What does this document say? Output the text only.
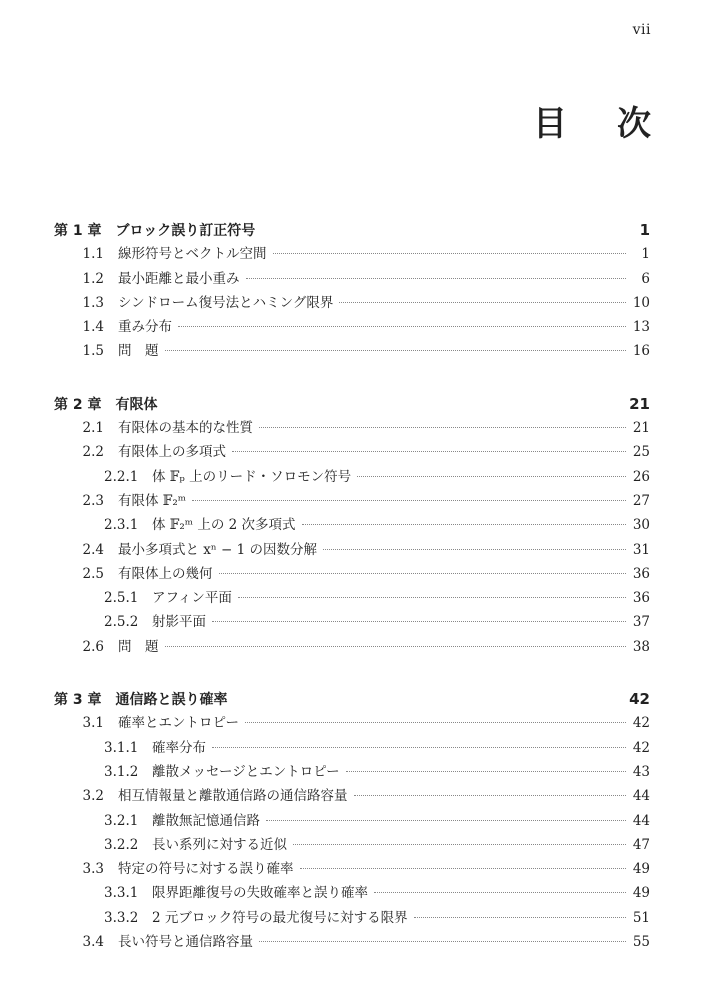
vii
目 次
第 1 章 ブロック誤り訂正符号	1
1.1 線形符号とベクトル空間	1
1.2 最小距離と最小重み	6
1.3 シンドローム復号法とハミング限界	10
1.4 重み分布	13
1.5 問　題	16
第 2 章 有限体	21
2.1 有限体の基本的な性質	21
2.2 有限体上の多項式	25
2.2.1 体 𝔽ₚ 上のリード・ソロモン符号	26
2.3 有限体 𝔽₂ᵐ	27
2.3.1 体 𝔽₂ᵐ 上の 2 次多項式	30
2.4 最小多項式と xⁿ − 1 の因数分解	31
2.5 有限体上の幾何	36
2.5.1 アフィン平面	36
2.5.2 射影平面	37
2.6 問　題	38
第 3 章 通信路と誤り確率	42
3.1 確率とエントロピー	42
3.1.1 確率分布	42
3.1.2 離散メッセージとエントロピー	43
3.2 相互情報量と離散通信路の通信路容量	44
3.2.1 離散無記憶通信路	44
3.2.2 長い系列に対する近似	47
3.3 特定の符号に対する誤り確率	49
3.3.1 限界距離復号の失敗確率と誤り確率	49
3.3.2 2 元ブロック符号の最尤復号に対する限界	51
3.4 長い符号と通信路容量	55
